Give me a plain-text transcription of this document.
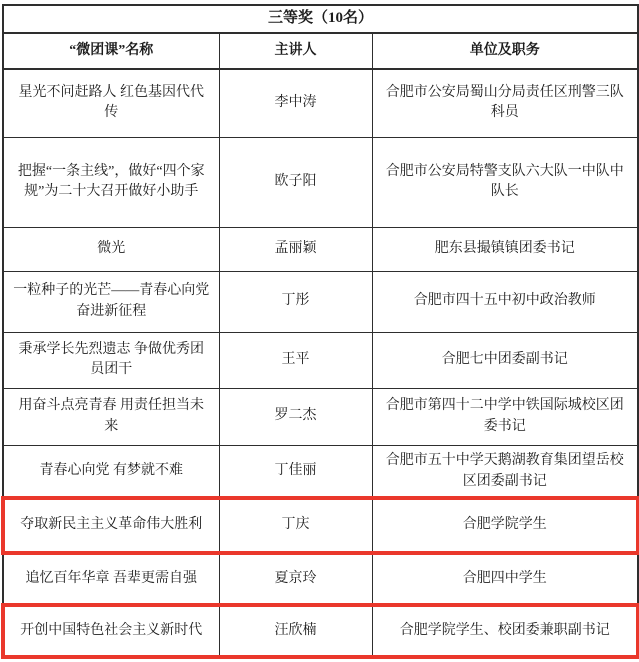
三等奖（10名）		
“微团课”名称	主讲人	单位及职务
星光不问赶路人 红色基因代代传	李中涛	合肥市公安局蜀山分局责任区刑警三队科员
把握“一条主线”，做好“四个家规”为二十大召开做好小助手	欧子阳	合肥市公安局特警支队六大队一中队中队长
微光	孟丽颖	肥东县撮镇镇团委书记
一粒种子的光芒——青春心向党 奋进新征程	丁彤	合肥市四十五中初中政治教师
秉承学长先烈遗志 争做优秀团员团干	王平	合肥七中团委副书记
用奋斗点亮青春 用责任担当未来	罗二杰	合肥市第四十二中学中铁国际城校区团委书记
青春心向党 有梦就不难	丁佳丽	合肥市五十中学天鹅湖教育集团望岳校区团委副书记
夺取新民主主义革命伟大胜利	丁庆	合肥学院学生
追忆百年华章 吾辈更需自强	夏京玲	合肥四中学生
开创中国特色社会主义新时代	汪欣楠	合肥学院学生、校团委兼职副书记
